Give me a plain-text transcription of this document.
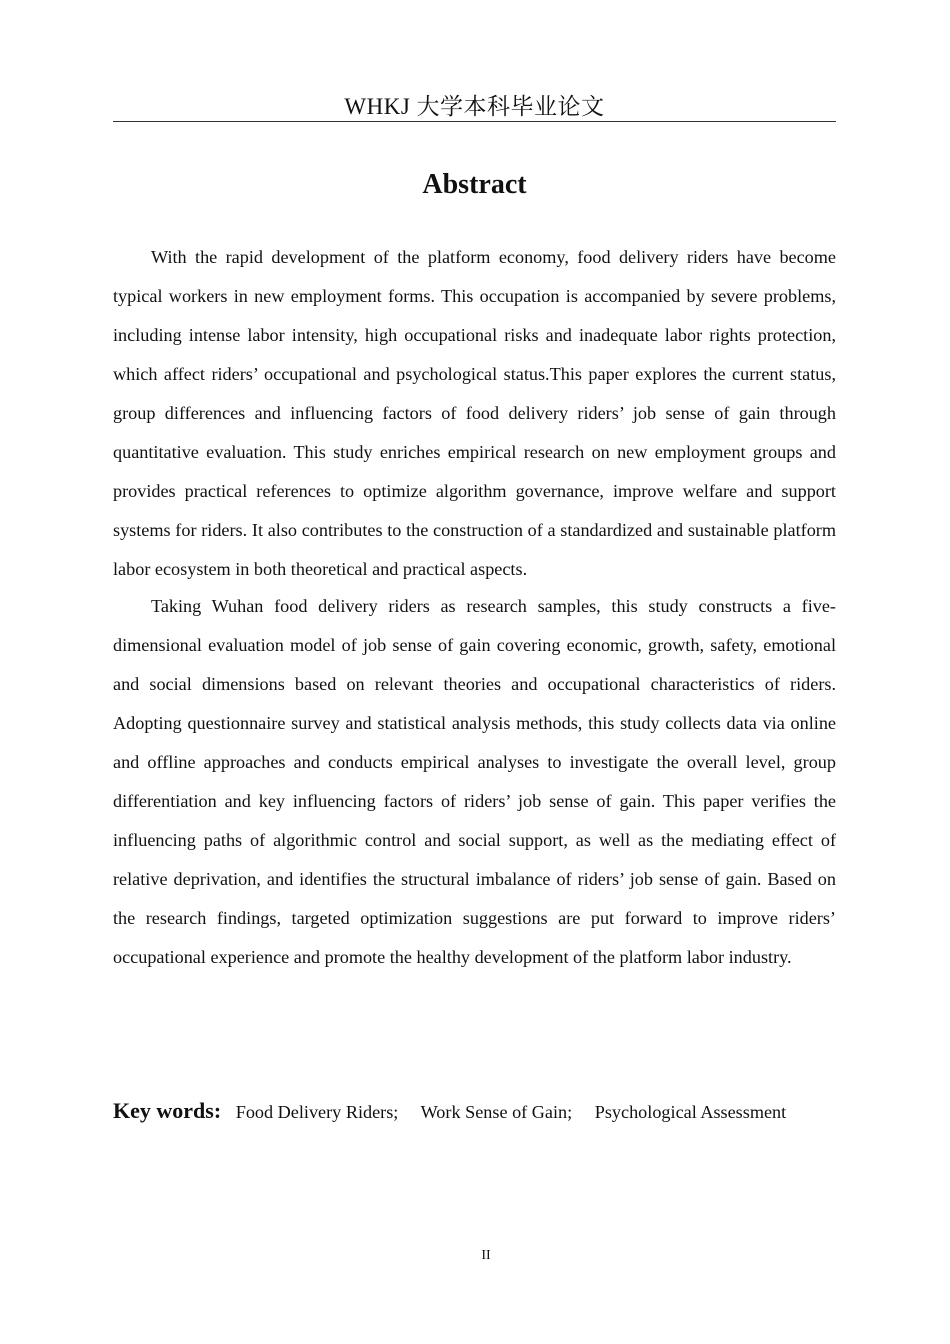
WHKJ 大学本科毕业论文
Abstract

With the rapid development of the platform economy, food delivery riders have become typical workers in new employment forms. This occupation is accompanied by severe problems, including intense labor intensity, high occupational risks and inadequate labor rights protection, which affect riders’ occupational and psychological status.This paper explores the current status, group differences and influencing factors of food delivery riders’ job sense of gain through quantitative evaluation. This study enriches empirical research on new employment groups and provides practical references to optimize algorithm governance, improve welfare and support systems for riders. It also contributes to the construction of a standardized and sustainable platform labor ecosystem in both theoretical and practical aspects.

Taking Wuhan food delivery riders as research samples, this study constructs a five-dimensional evaluation model of job sense of gain covering economic, growth, safety, emotional and social dimensions based on relevant theories and occupational characteristics of riders. Adopting questionnaire survey and statistical analysis methods, this study collects data via online and offline approaches and conducts empirical analyses to investigate the overall level, group differentiation and key influencing factors of riders’ job sense of gain. This paper verifies the influencing paths of algorithmic control and social support, as well as the mediating effect of relative deprivation, and identifies the structural imbalance of riders’ job sense of gain. Based on the research findings, targeted optimization suggestions are put forward to improve riders’ occupational experience and promote the healthy development of the platform labor industry.

Key words: Food Delivery Riders; Work Sense of Gain; Psychological Assessment
II
